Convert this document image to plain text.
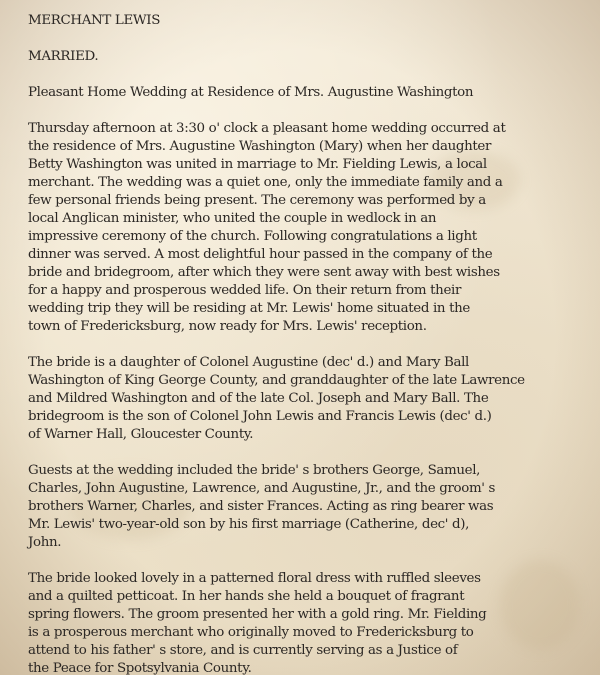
MERCHANT LEWIS
MARRIED.
Pleasant Home Wedding at Residence of Mrs. Augustine Washington
Thursday afternoon at 3:30 o' clock a pleasant home wedding occurred at
the residence of Mrs. Augustine Washington (Mary) when her daughter
Betty Washington was united in marriage to Mr. Fielding Lewis, a local
merchant. The wedding was a quiet one, only the immediate family and a
few personal friends being present. The ceremony was performed by a
local Anglican minister, who united the couple in wedlock in an
impressive ceremony of the church. Following congratulations a light
dinner was served. A most delightful hour passed in the company of the
bride and bridegroom, after which they were sent away with best wishes
for a happy and prosperous wedded life. On their return from their
wedding trip they will be residing at Mr. Lewis' home situated in the
town of Fredericksburg, now ready for Mrs. Lewis' reception.
The bride is a daughter of Colonel Augustine (dec' d.) and Mary Ball
Washington of King George County, and granddaughter of the late Lawrence
and Mildred Washington and of the late Col. Joseph and Mary Ball. The
bridegroom is the son of Colonel John Lewis and Francis Lewis (dec' d.)
of Warner Hall, Gloucester County.
Guests at the wedding included the bride' s brothers George, Samuel,
Charles, John Augustine, Lawrence, and Augustine, Jr., and the groom' s
brothers Warner, Charles, and sister Frances. Acting as ring bearer was
Mr. Lewis' two-year-old son by his first marriage (Catherine, dec' d),
John.
The bride looked lovely in a patterned floral dress with ruffled sleeves
and a quilted petticoat. In her hands she held a bouquet of fragrant
spring flowers. The groom presented her with a gold ring. Mr. Fielding
is a prosperous merchant who originally moved to Fredericksburg to
attend to his father' s store, and is currently serving as a Justice of
the Peace for Spotsylvania County.
